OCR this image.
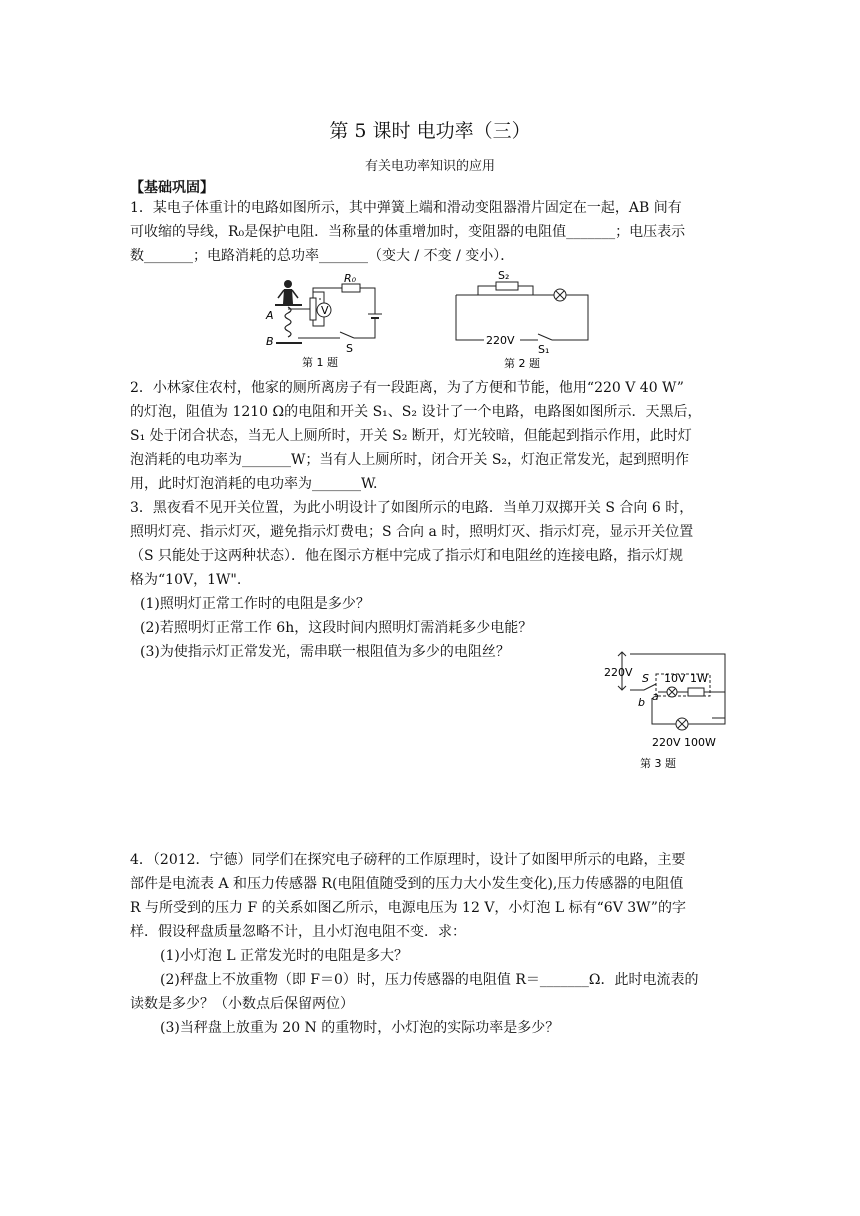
第 5 课时 电功率（三）
有关电功率知识的应用
【基础巩固】
1．某电子体重计的电路如图所示，其中弹簧上端和滑动变阻器滑片固定在一起，AB 间有
可收缩的导线，R₀是保护电阻．当称量的体重增加时，变阻器的电阻值_______；电压表示
数_______；电路消耗的总功率_______（变大 / 不变 / 变小）．
V
R₀
A
B
S
第 1 题
S₂
220V
S₁
第 2 题
2．小林家住农村，他家的厕所离房子有一段距离，为了方便和节能，他用“220 V 40 W”
的灯泡，阻值为 1210 Ω的电阻和开关 S₁、S₂ 设计了一个电路，电路图如图所示．天黑后，
S₁ 处于闭合状态，当无人上厕所时，开关 S₂ 断开，灯光较暗，但能起到指示作用，此时灯
泡消耗的电功率为_______W；当有人上厕所时，闭合开关 S₂，灯泡正常发光，起到照明作
用，此时灯泡消耗的电功率为_______W.
3．黑夜看不见开关位置，为此小明设计了如图所示的电路．当单刀双掷开关 S 合向 6 时，
照明灯亮、指示灯灭，避免指示灯费电；S 合向 a 时，照明灯灭、指示灯亮，显示开关位置
（S 只能处于这两种状态）．他在图示方框中完成了指示灯和电阻丝的连接电路，指示灯规
格为“10V，1W".
(1)照明灯正常工作时的电阻是多少？
(2)若照明灯正常工作 6h，这段时间内照明灯需消耗多少电能？
(3)为使指示灯正常发光，需串联一根阻值为多少的电阻丝？
220V S
a
b
10V 1W
220V 100W
第 3 题
4．（2012．宁德）同学们在探究电子磅秤的工作原理时，设计了如图甲所示的电路，主要
部件是电流表 A 和压力传感器 R(电阻值随受到的压力大小发生变化),压力传感器的电阻值
R 与所受到的压力 F 的关系如图乙所示，电源电压为 12 V，小灯泡 L 标有“6V 3W”的字
样．假设秤盘质量忽略不计，且小灯泡电阻不变．求：
(1)小灯泡 L 正常发光时的电阻是多大？
(2)秤盘上不放重物（即 F＝0）时，压力传感器的电阻值 R＝_______Ω．此时电流表的
读数是多少？（小数点后保留两位）
(3)当秤盘上放重为 20 N 的重物时，小灯泡的实际功率是多少？
